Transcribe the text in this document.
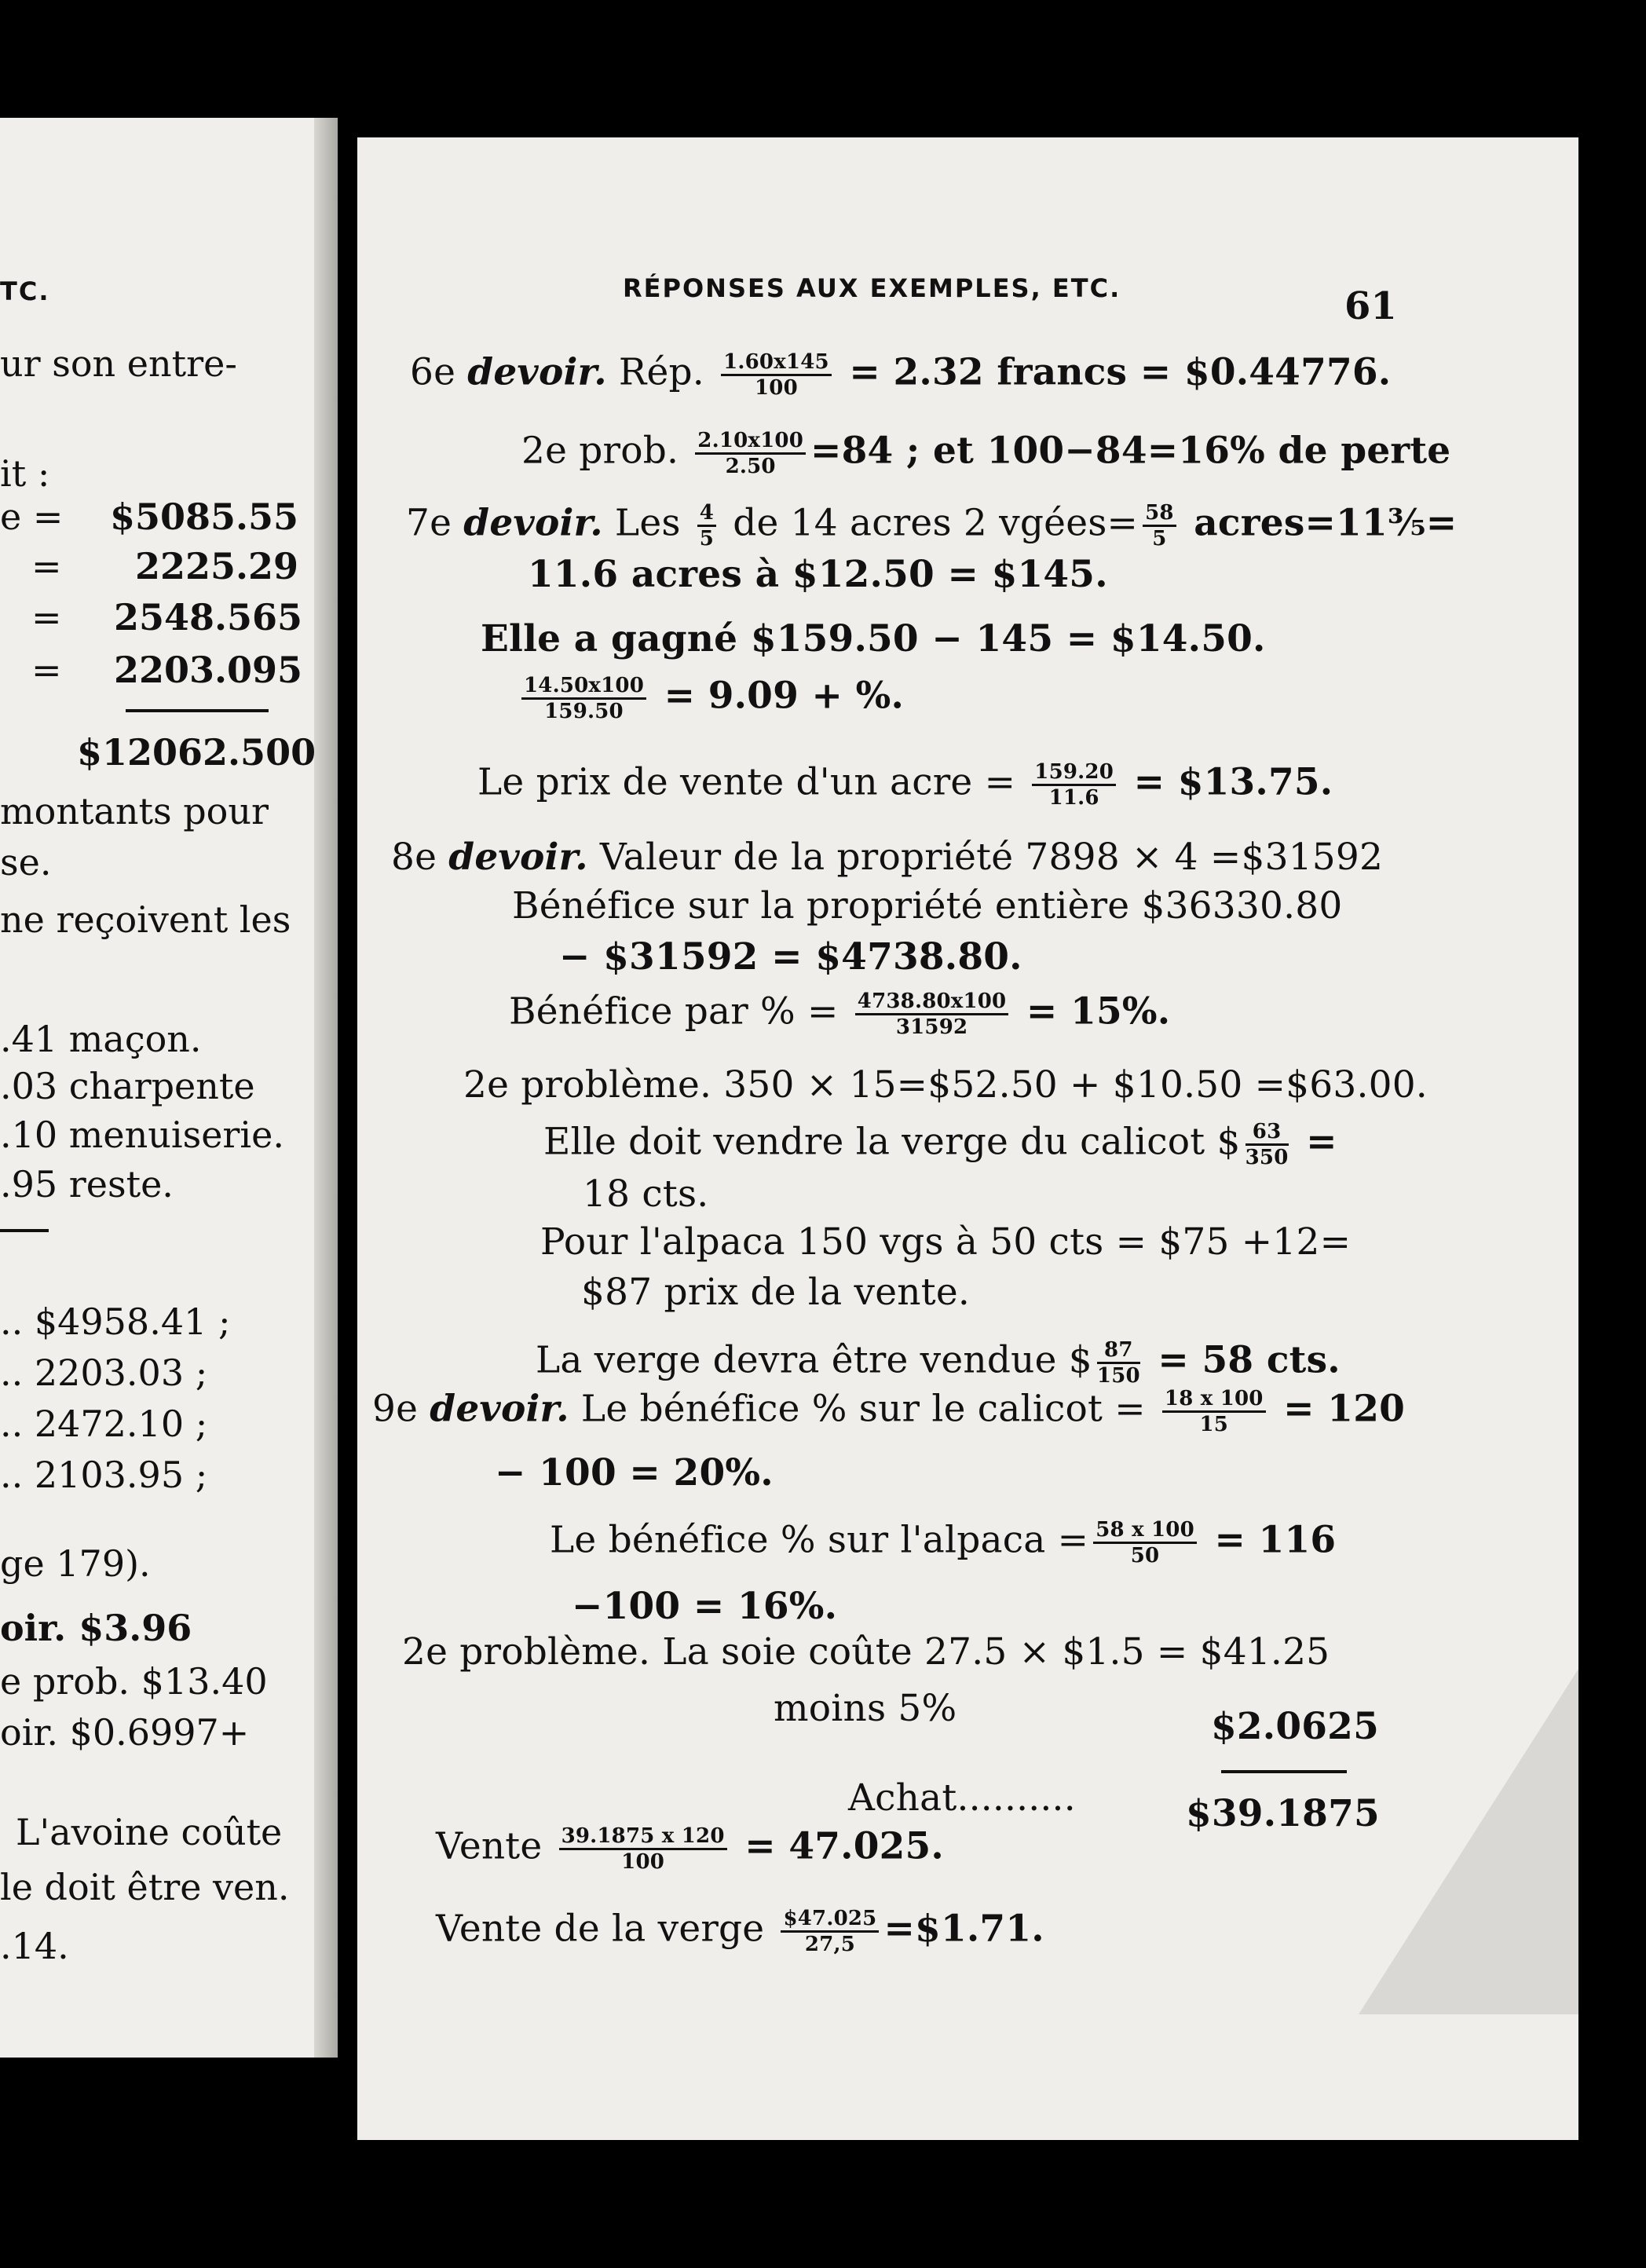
TC.
ur son entre-
it :
e = $5085.55
= 2225.29
= 2548.565
= 2203.095
$12062.500
montants pour
se.
ne reçoivent les
.41 maçon.
.03 charpente
.10 menuiserie.
.95 reste.
.. $4958.41 ;
.. 2203.03 ;
.. 2472.10 ;
.. 2103.95 ;
ge 179).
oir. $3.96
e prob. $13.40
oir. $0.6997+
L'avoine coûte
le doit être ven.
.14.
RÉPONSES AUX EXEMPLES, ETC.	61
6e devoir. Rép. $\frac{1.60x145}{100} = 2.32$ francs = $0.44776.
2e prob. $\frac{2.10x100}{2.50} =84$ ; et 100−84=16% de perte
7e devoir. Les $\frac{4}{5}$ de 14 acres 2 vgées= $\frac{58}{5}$ acres=11⅗=
11.6 acres à $12.50 = $145.
Elle a gagné $159.50 − 145 = $14.50.
$\frac{14.50x100}{159.50} = 9.09$ + %.
Le prix de vente d'un acre = $\frac{159.20}{11.6}$ = $13.75.
8e devoir. Valeur de la propriété 7898 × 4 =$31592
Bénéfice sur la propriété entière $36330.80
− $31592 = $4738.80.
Bénéfice par % = $\frac{4738.80x100}{31592} = 15\%$.
2e problème. 350 × 15=$52.50 + $10.50 =$63.00.
Elle doit vendre la verge du calicot $ $\frac{63}{350}$ =
18 cts.
Pour l'alpaca 150 vgs à 50 cts = $75 +12=
$87 prix de la vente.
La verge devra être vendue $ $\frac{87}{150} = 58$ cts.
9e devoir. Le bénéfice % sur le calicot = $\frac{18 x 100}{15} = 120$
− 100 = 20%.
Le bénéfice % sur l'alpaca = $\frac{58 x 100}{50} = 116$
−100 = 16%.
2e problème. La soie coûte 27.5 × $1.5 = $41.25
moins 5%	$2.0625
Achat..........	$39.1875
Vente $\frac{39.1875 x 120}{100} = 47.025$.
Vente de la verge $\frac{\$47.025}{27,5}$ =$1.71.
